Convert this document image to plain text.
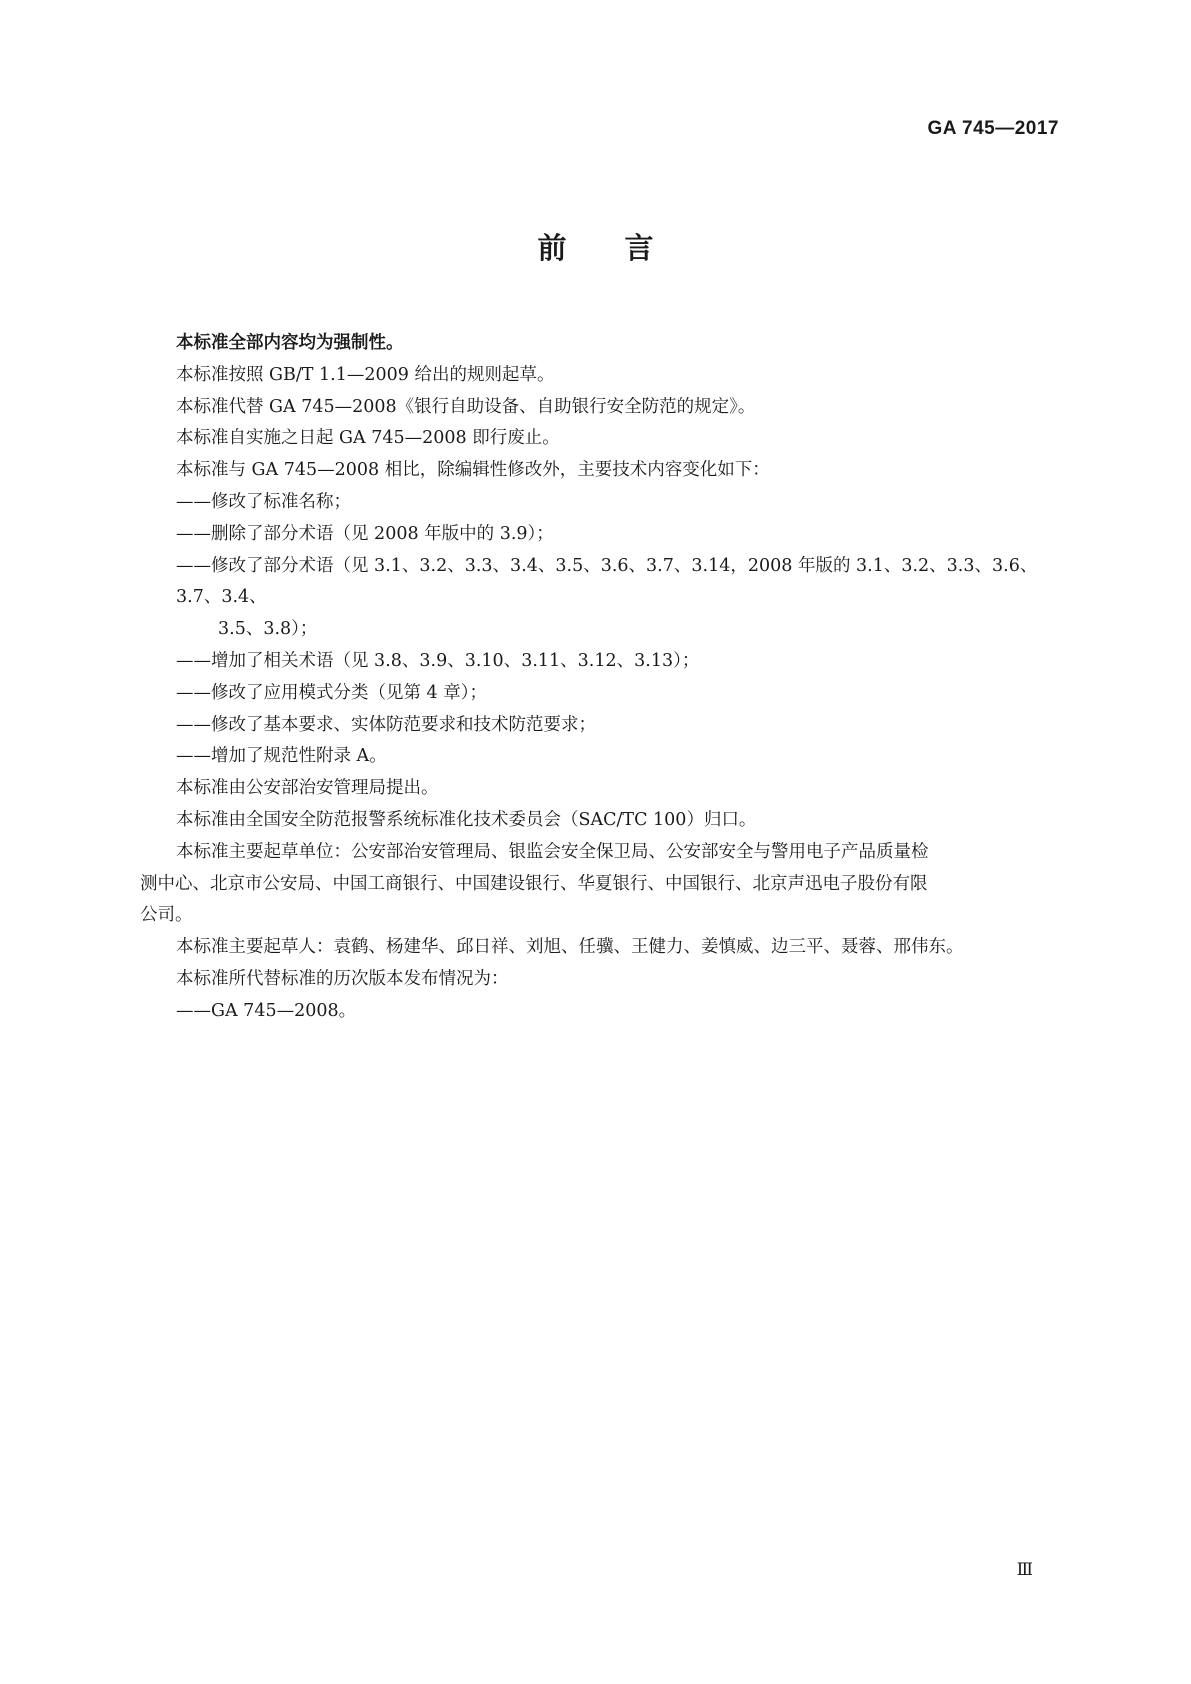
GA 745—2017
前 言

本标准全部内容均为强制性。

本标准按照 GB/T 1.1—2009 给出的规则起草。

本标准代替 GA 745—2008《银行自助设备、自助银行安全防范的规定》。

本标准自实施之日起 GA 745—2008 即行废止。

本标准与 GA 745—2008 相比，除编辑性修改外，主要技术内容变化如下：

——修改了标准名称；

——删除了部分术语（见 2008 年版中的 3.9）；

——修改了部分术语（见 3.1、3.2、3.3、3.4、3.5、3.6、3.7、3.14，2008 年版的 3.1、3.2、3.3、3.6、3.7、3.4、

3.5、3.8）；

——增加了相关术语（见 3.8、3.9、3.10、3.11、3.12、3.13）；

——修改了应用模式分类（见第 4 章）；

——修改了基本要求、实体防范要求和技术防范要求；

——增加了规范性附录 A。

本标准由公安部治安管理局提出。

本标准由全国安全防范报警系统标准化技术委员会（SAC/TC 100）归口。

本标准主要起草单位：公安部治安管理局、银监会安全保卫局、公安部安全与警用电子产品质量检

测中心、北京市公安局、中国工商银行、中国建设银行、华夏银行、中国银行、北京声迅电子股份有限

公司。

本标准主要起草人：袁鹤、杨建华、邱日祥、刘旭、任骥、王健力、姜慎威、边三平、聂蓉、邢伟东。

本标准所代替标准的历次版本发布情况为：

——GA 745—2008。

Ⅲ
